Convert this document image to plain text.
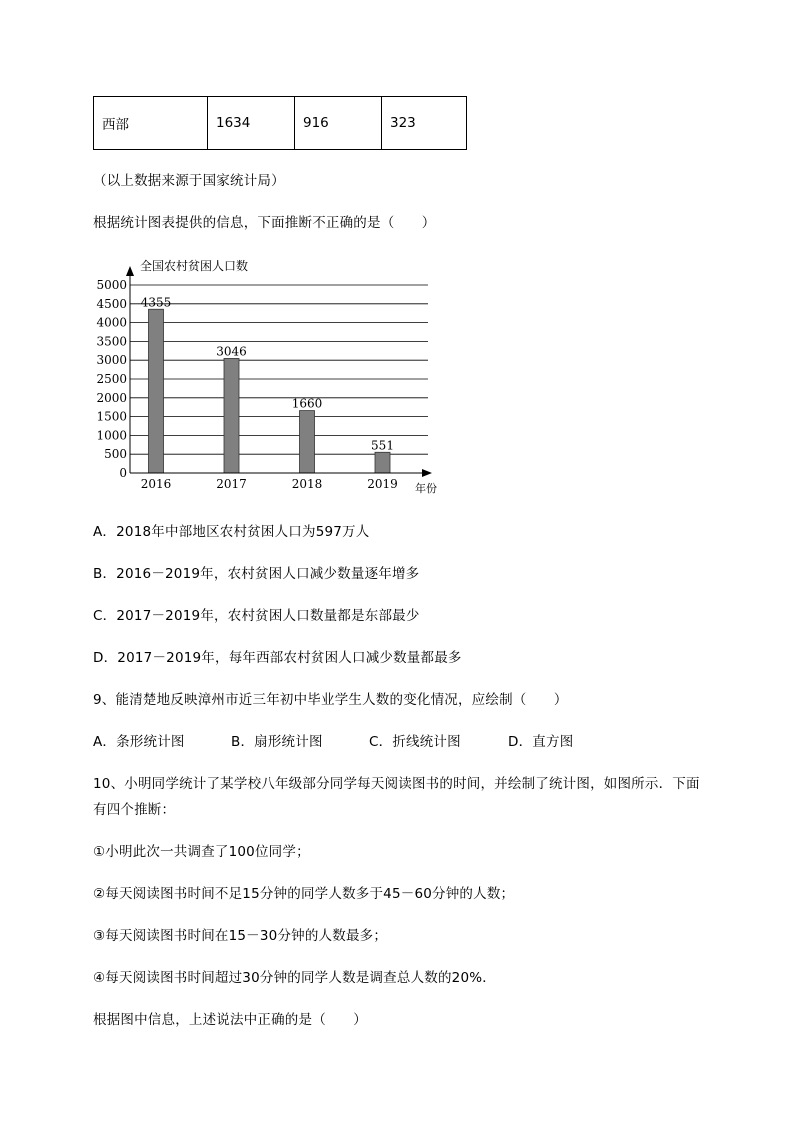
西部	1634	916	323
（以上数据来源于国家统计局）
根据统计图表提供的信息，下面推断不正确的是（　　）
5000
4500
4000
3500
3000
2500
2000
1500
1000
500
0
4355
2016
3046
2017
1660
2018
551
2019
全国农村贫困人口数
年份
A．2018年中部地区农村贫困人口为597万人
B．2016－2019年，农村贫困人口减少数量逐年增多
C．2017－2019年，农村贫困人口数量都是东部最少
D．2017－2019年，每年西部农村贫困人口减少数量都最多
9、能清楚地反映漳州市近三年初中毕业学生人数的变化情况，应绘制（　　）
A．条形统计图	B．扇形统计图	C．折线统计图	D．直方图
10、小明同学统计了某学校八年级部分同学每天阅读图书的时间，并绘制了统计图，如图所示．下面
有四个推断：
①小明此次一共调查了100位同学；
②每天阅读图书时间不足15分钟的同学人数多于45－60分钟的人数；
③每天阅读图书时间在15－30分钟的人数最多；
④每天阅读图书时间超过30分钟的同学人数是调查总人数的20%．
根据图中信息，上述说法中正确的是（　　）
